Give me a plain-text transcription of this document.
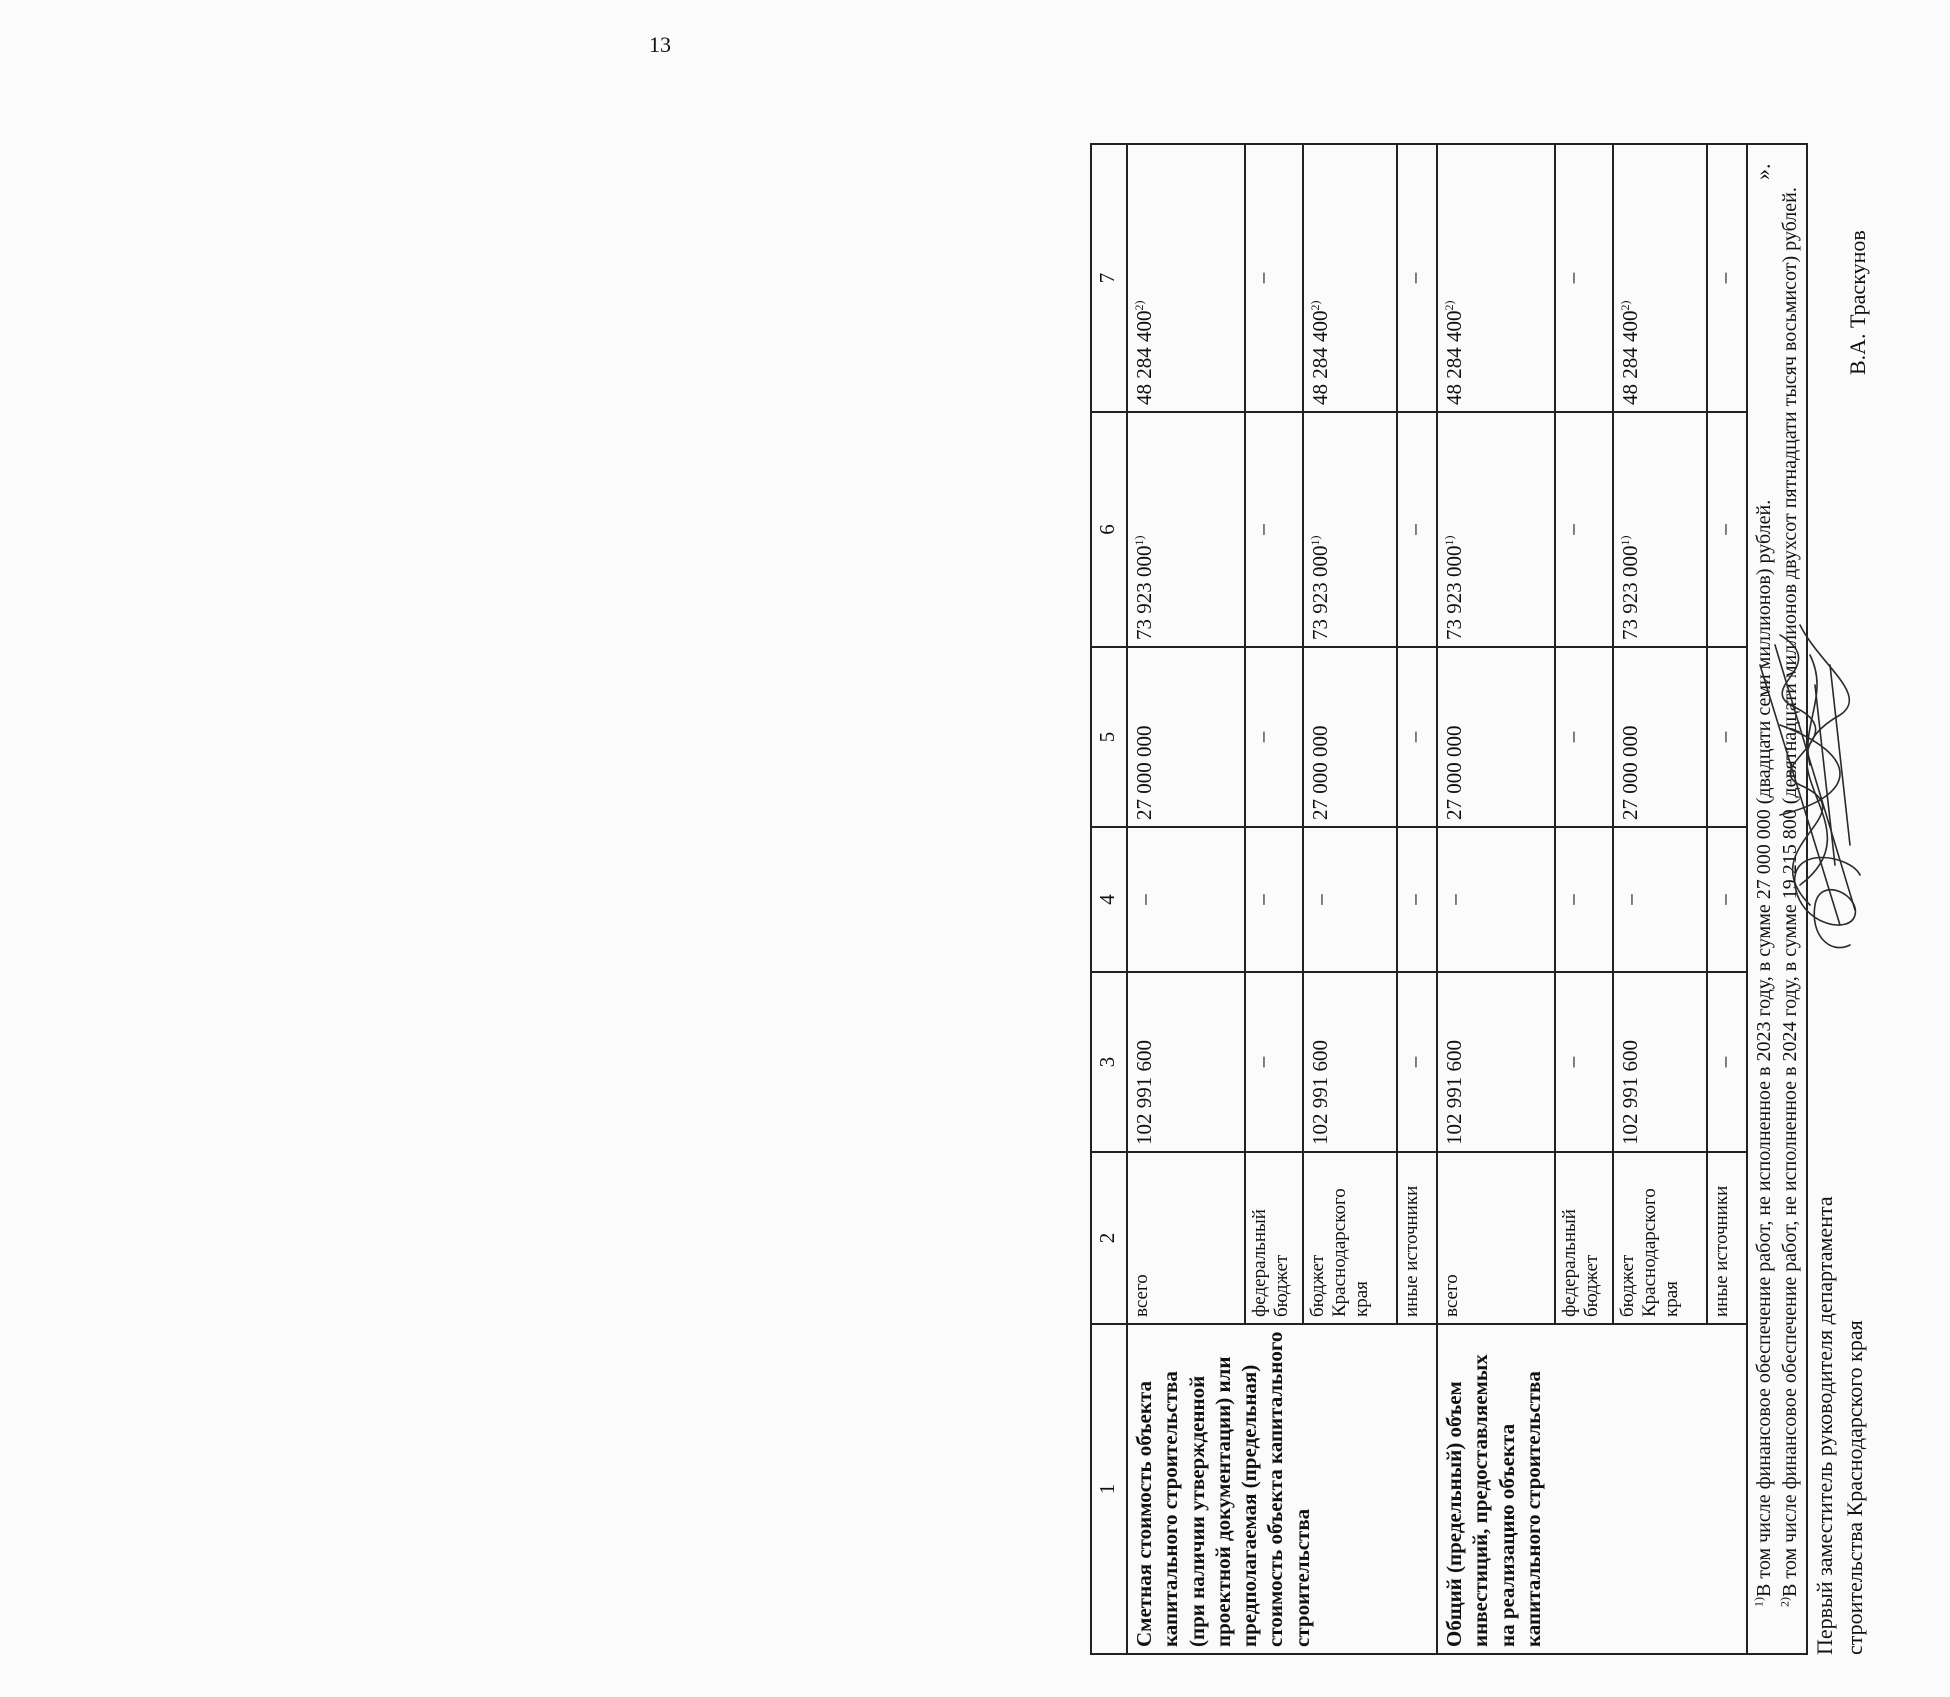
13
1	2	3	4	5	6	7
Сметная стоимость объекта капитального строительства (при наличии утвержденной проектной документации) или предполагаемая (предельная) стоимость объекта капитального строительства	всего	102 991 600	–	27 000 000	73 923 000$^{1)}$	48 284 400$^{2)}$
	федеральный бюджет	–	–	–	–	–
	бюджет Краснодарского края	102 991 600	–	27 000 000	73 923 000$^{1)}$	48 284 400$^{2)}$
	иные источники	–	–	–	–	–
Общий (предельный) объем инвестиций, предоставляемых на реализацию объекта капитального строительства	всего	102 991 600	–	27 000 000	73 923 000$^{1)}$	48 284 400$^{2)}$
	федеральный бюджет	–	–	–	–	–
	бюджет Краснодарского края	102 991 600	–	27 000 000	73 923 000$^{1)}$	48 284 400$^{2)}$
	иные источники	–	–	–	–	–

$^{1)}$В том числе финансовое обеспечение работ, не исполненное в 2023 году, в сумме 27 000 000 (двадцати семи миллионов) рублей.
$^{2)}$В том числе финансовое обеспечение работ, не исполненное в 2024 году, в сумме 19 215 800 (девятнадцати миллионов двухсот пятнадцати тысяч восьмисот) рублей.						
».
Первый заместитель руководителя департамента строительства Краснодарского края
В.А. Траскунов
